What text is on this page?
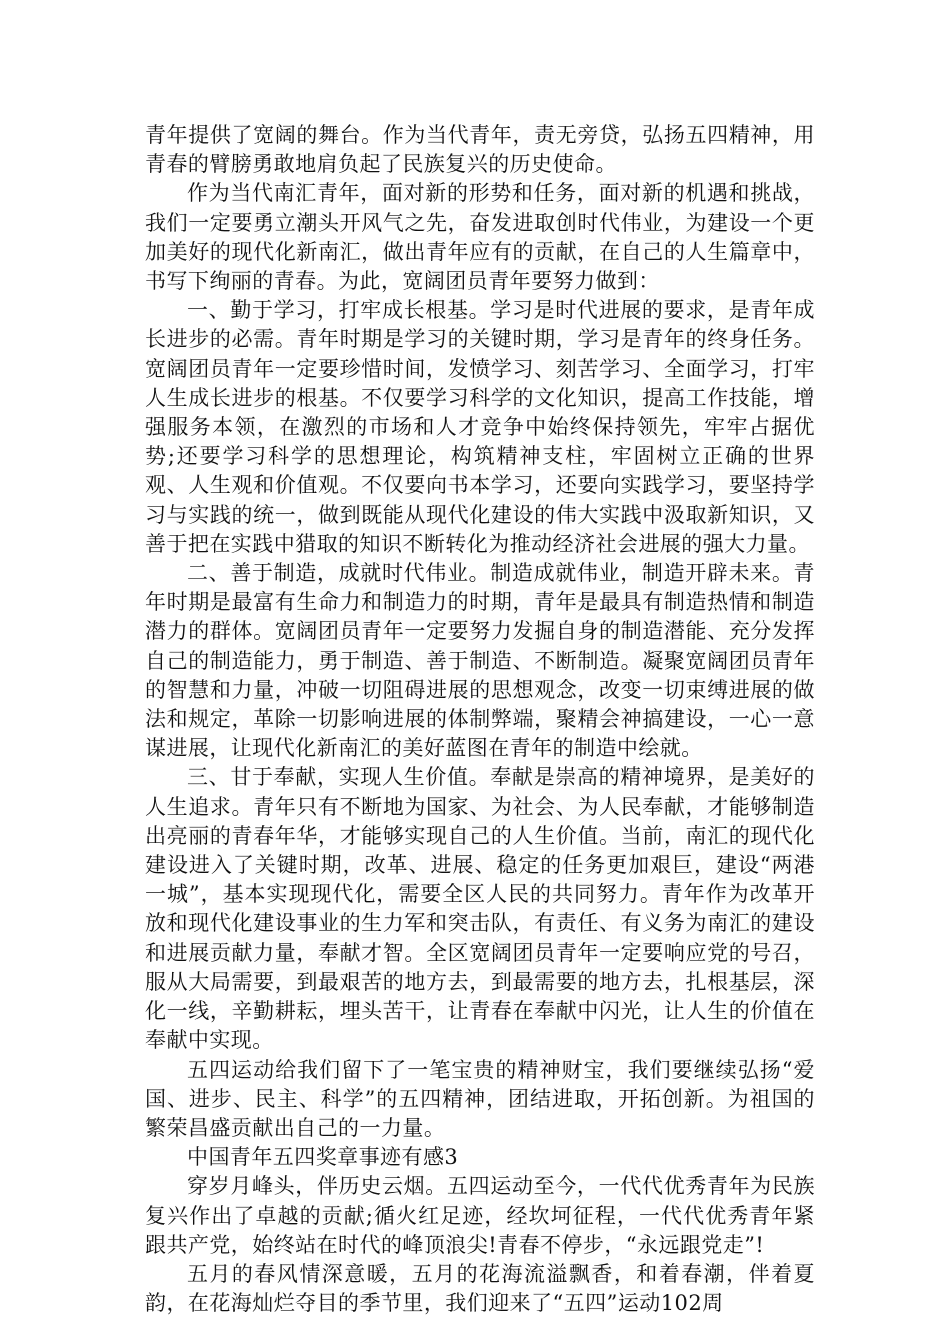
青年提供了宽阔的舞台。作为当代青年，责无旁贷，弘扬五四精神，用青春的臂膀勇敢地肩负起了民族复兴的历史使命。

作为当代南汇青年，面对新的形势和任务，面对新的机遇和挑战，我们一定要勇立潮头开风气之先，奋发进取创时代伟业，为建设一个更加美好的现代化新南汇，做出青年应有的贡献，在自己的人生篇章中，书写下绚丽的青春。为此，宽阔团员青年要努力做到：

一、勤于学习，打牢成长根基。学习是时代进展的要求，是青年成长进步的必需。青年时期是学习的关键时期，学习是青年的终身任务。宽阔团员青年一定要珍惜时间，发愤学习、刻苦学习、全面学习，打牢人生成长进步的根基。不仅要学习科学的文化知识，提高工作技能，增强服务本领，在激烈的市场和人才竞争中始终保持领先，牢牢占据优势;还要学习科学的思想理论，构筑精神支柱，牢固树立正确的世界观、人生观和价值观。不仅要向书本学习，还要向实践学习，要坚持学习与实践的统一，做到既能从现代化建设的伟大实践中汲取新知识，又善于把在实践中猎取的知识不断转化为推动经济社会进展的强大力量。

二、善于制造，成就时代伟业。制造成就伟业，制造开辟未来。青年时期是最富有生命力和制造力的时期，青年是最具有制造热情和制造潜力的群体。宽阔团员青年一定要努力发掘自身的制造潜能、充分发挥自己的制造能力，勇于制造、善于制造、不断制造。凝聚宽阔团员青年的智慧和力量，冲破一切阻碍进展的思想观念，改变一切束缚进展的做法和规定，革除一切影响进展的体制弊端，聚精会神搞建设，一心一意谋进展，让现代化新南汇的美好蓝图在青年的制造中绘就。

三、甘于奉献，实现人生价值。奉献是崇高的精神境界，是美好的人生追求。青年只有不断地为国家、为社会、为人民奉献，才能够制造出亮丽的青春年华，才能够实现自己的人生价值。当前，南汇的现代化建设进入了关键时期，改革、进展、稳定的任务更加艰巨，建设“两港一城”，基本实现现代化，需要全区人民的共同努力。青年作为改革开放和现代化建设事业的生力军和突击队，有责任、有义务为南汇的建设和进展贡献力量，奉献才智。全区宽阔团员青年一定要响应党的号召，服从大局需要，到最艰苦的地方去，到最需要的地方去，扎根基层，深化一线，辛勤耕耘，埋头苦干，让青春在奉献中闪光，让人生的价值在奉献中实现。

五四运动给我们留下了一笔宝贵的精神财宝，我们要继续弘扬“爱国、进步、民主、科学”的五四精神，团结进取，开拓创新。为祖国的繁荣昌盛贡献出自己的一力量。

中国青年五四奖章事迹有感3

穿岁月峰头，伴历史云烟。五四运动至今，一代代优秀青年为民族复兴作出了卓越的贡献;循火红足迹，经坎坷征程，一代代优秀青年紧跟共产党，始终站在时代的峰顶浪尖!青春不停步，“永远跟党走”!

五月的春风情深意暖，五月的花海流溢飘香，和着春潮，伴着夏韵，在花海灿烂夺目的季节里，我们迎来了“五四”运动102周
